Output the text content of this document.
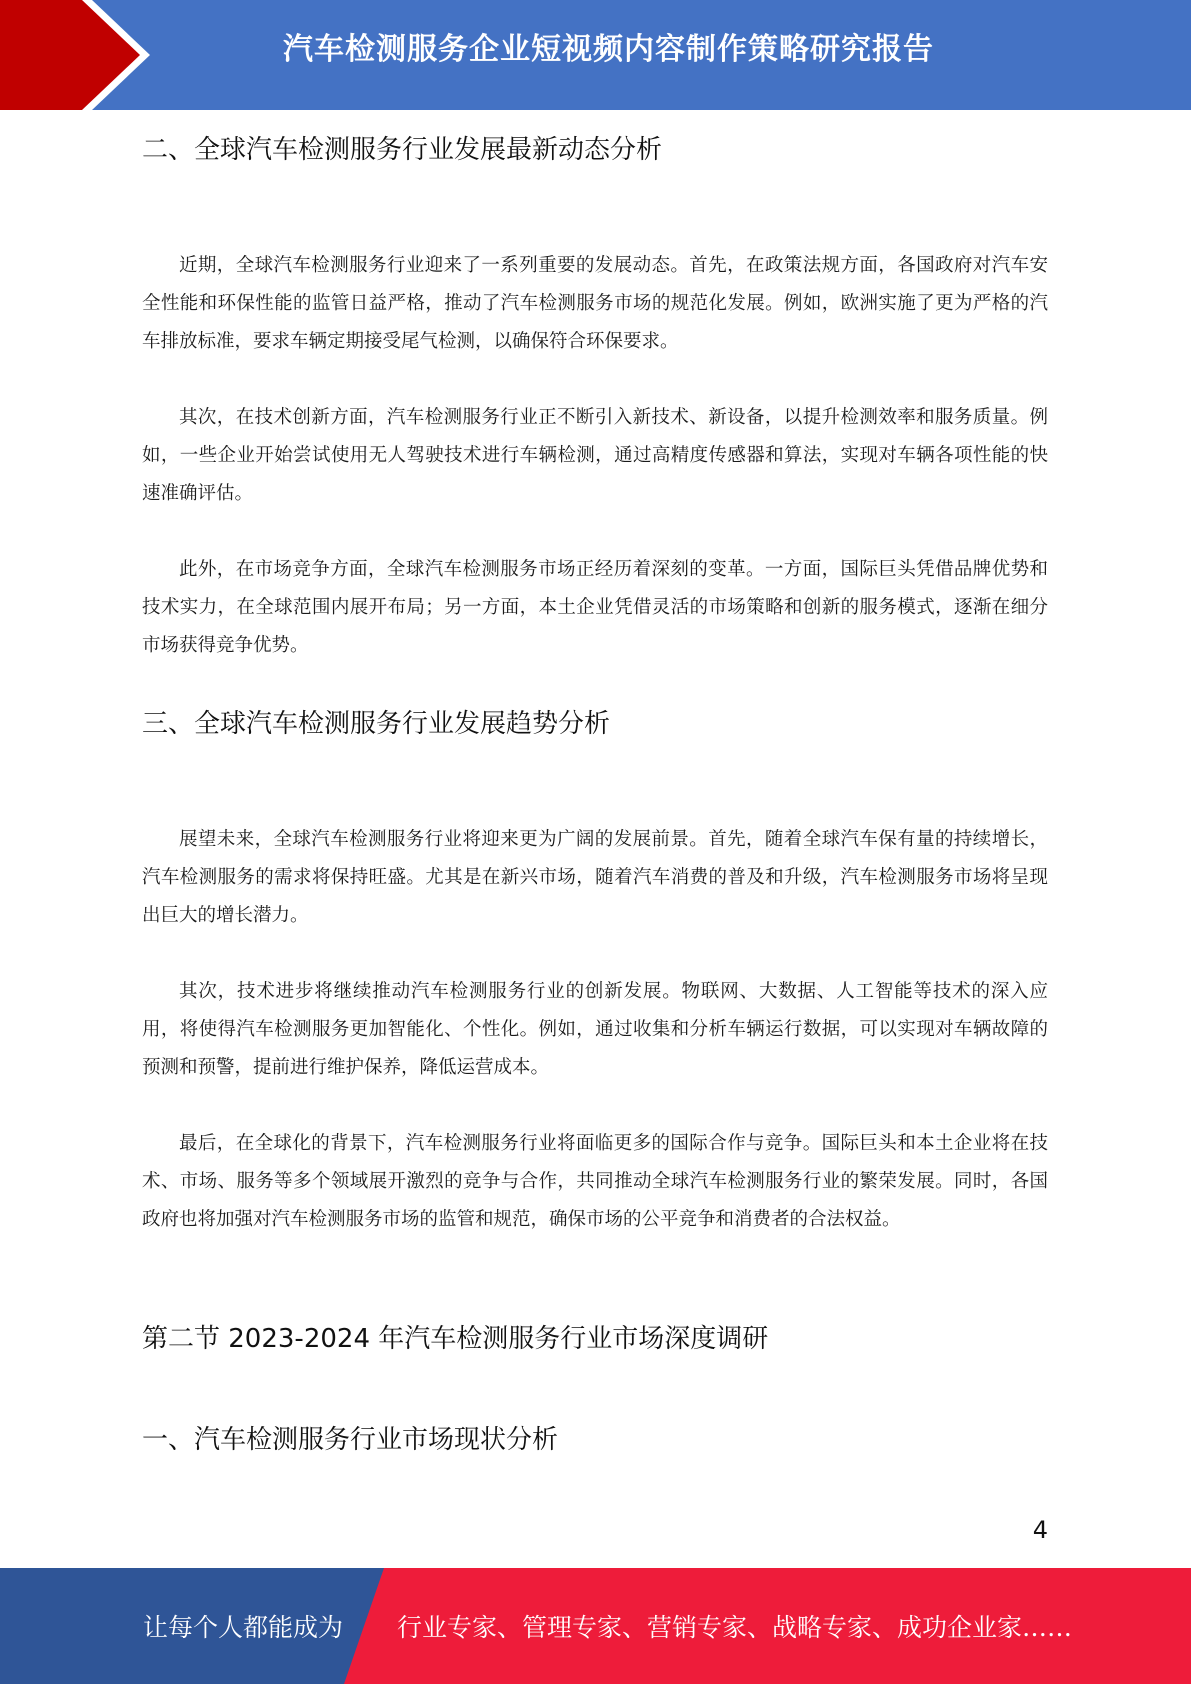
汽车检测服务企业短视频内容制作策略研究报告
二、全球汽车检测服务行业发展最新动态分析

近期，全球汽车检测服务行业迎来了一系列重要的发展动态。首先，在政策法规方面，各国政府对汽车安全性能和环保性能的监管日益严格，推动了汽车检测服务市场的规范化发展。例如，欧洲实施了更为严格的汽车排放标准，要求车辆定期接受尾气检测，以确保符合环保要求。

其次，在技术创新方面，汽车检测服务行业正不断引入新技术、新设备，以提升检测效率和服务质量。例如，一些企业开始尝试使用无人驾驶技术进行车辆检测，通过高精度传感器和算法，实现对车辆各项性能的快速准确评估。

此外，在市场竞争方面，全球汽车检测服务市场正经历着深刻的变革。一方面，国际巨头凭借品牌优势和技术实力，在全球范围内展开布局；另一方面，本土企业凭借灵活的市场策略和创新的服务模式，逐渐在细分市场获得竞争优势。

三、全球汽车检测服务行业发展趋势分析

展望未来，全球汽车检测服务行业将迎来更为广阔的发展前景。首先，随着全球汽车保有量的持续增长，汽车检测服务的需求将保持旺盛。尤其是在新兴市场，随着汽车消费的普及和升级，汽车检测服务市场将呈现出巨大的增长潜力。

其次，技术进步将继续推动汽车检测服务行业的创新发展。物联网、大数据、人工智能等技术的深入应用，将使得汽车检测服务更加智能化、个性化。例如，通过收集和分析车辆运行数据，可以实现对车辆故障的预测和预警，提前进行维护保养，降低运营成本。

最后，在全球化的背景下，汽车检测服务行业将面临更多的国际合作与竞争。国际巨头和本土企业将在技术、市场、服务等多个领域展开激烈的竞争与合作，共同推动全球汽车检测服务行业的繁荣发展。同时，各国政府也将加强对汽车检测服务市场的监管和规范，确保市场的公平竞争和消费者的合法权益。

第二节 2023-2024 年汽车检测服务行业市场深度调研
一、汽车检测服务行业市场现状分析
4
让每个人都能成为 行业专家、管理专家、营销专家、战略专家、成功企业家……
